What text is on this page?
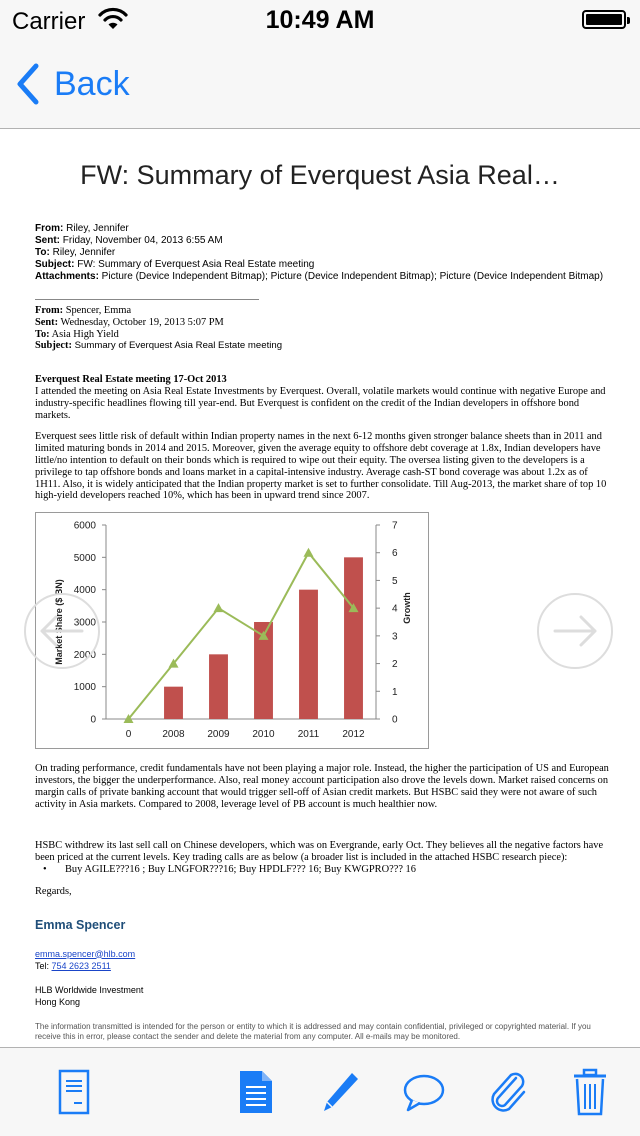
Carrier	10:49 AM
Back
FW: Summary of Everquest Asia Real…
From: Riley, Jennifer
Sent: Friday, November 04, 2013 6:55 AM
To: Riley, Jennifer
Subject: FW: Summary of Everquest Asia Real Estate meeting
Attachments: Picture (Device Independent Bitmap); Picture (Device Independent Bitmap); Picture (Device Independent Bitmap)
From: Spencer, Emma
Sent: Wednesday, October 19, 2013 5:07 PM
To: Asia High Yield
Subject: Summary of Everquest Asia Real Estate meeting
Everquest Real Estate meeting 17-Oct 2013

I attended the meeting on Asia Real Estate Investments by Everquest. Overall, volatile markets would continue with negative Europe and industry-specific headlines flowing till year-end. But Everquest is confident on the credit of the Indian developers in offshore bond markets.

Everquest sees little risk of default within Indian property names in the next 6-12 months given stronger balance sheets than in 2011 and limited maturing bonds in 2014 and 2015. Moreover, given the average equity to offshore debt coverage at 1.8x, Indian developers have little/no intention to default on their bonds which is required to wipe out their equity. The oversea listing given to the developers is a privilege to tap offshore bonds and loans market in a capital-intensive industry. Average cash-ST bond coverage was about 1.2x as of 1H11. Also, it is widely anticipated that the Indian property market is set to further consolidate. Till Aug-2013, the market share of top 10 high-yield developers reached 10%, which has been in upward trend since 2007.

0
1000
2000
3000
4000
5000
6000
0
1
2
3
4
5
6
7
0	2008 2009 2010 2011 2012
Market Share ($ BN)	Growth

On trading performance, credit fundamentals have not been playing a major role. Instead, the higher the participation of US and European investors, the bigger the underperformance. Also, real money account participation also drove the levels down. Market raised concerns on margin calls of private banking account that would trigger sell-off of Asian credit markets. But HSBC said they were not aware of such activity in Asia markets. Compared to 2008, leverage level of PB account is much healthier now.

HSBC withdrew its last sell call on Chinese developers, which was on Evergrande, early Oct. They believes all the negative factors have been priced at the current levels. Key trading calls are as below (a broader list is included in the attached HSBC research piece):

• Buy AGILE???16 ; Buy LNGFOR???16; Buy HPDLF??? 16; Buy KWGPRO??? 16
Regards,
Emma Spencer
emma.spencer@hlb.com
Tel: 754 2623 2511
HLB Worldwide Investment
Hong Kong
The information transmitted is intended for the person or entity to which it is addressed and may contain confidential, privileged or copyrighted material. If you receive this in error, please contact the sender and delete the material from any computer. All e-mails may be monitored.
